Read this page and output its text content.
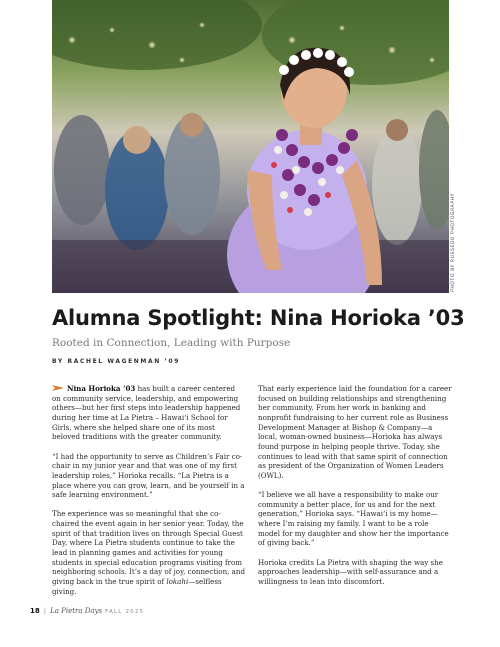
PHOTO BY RUSSEDO PHOTOGRAPHY
Alumna Spotlight: Nina Horioka ’03
Rooted in Connection, Leading with Purpose
BY RACHEL WAGENMAN ’09

Nina Horioka ’03 has built a career centered on community service, leadership, and empowering others—but her first steps into leadership happened during her time at La Pietra – Hawai‘i School for Girls, where she helped share one of its most beloved traditions with the greater community.

“I had the opportunity to serve as Children’s Fair co-chair in my junior year and that was one of my first leadership roles,” Horioka recalls. “La Pietra is a place where you can grow, learn, and be yourself in a safe learning environment.”

The experience was so meaningful that she co-chaired the event again in her senior year. Today, the spirit of that tradition lives on through Special Guest Day, where La Pietra students continue to take the lead in planning games and activities for young students in special education programs visiting from neighboring schools. It’s a day of joy, connection, and giving back in the true spirit of lokahi—selfless giving.

That early experience laid the foundation for a career focused on building relationships and strengthening her community. From her work in banking and nonprofit fundraising to her current role as Business Development Manager at Bishop & Company—a local, woman-owned business—Horioka has always found purpose in helping people thrive. Today, she continues to lead with that same spirit of connection as president of the Organization of Women Leaders (OWL).

“I believe we all have a responsibility to make our community a better place, for us and for the next generation,” Horioka says. “Hawai‘i is my home—where I’m raising my family. I want to be a role model for my daughter and show her the importance of giving back.”

Horioka credits La Pietra with shaping the way she approaches leadership—with self-assurance and a willingness to lean into discomfort.

18 | La Pietra Days FALL 2025
